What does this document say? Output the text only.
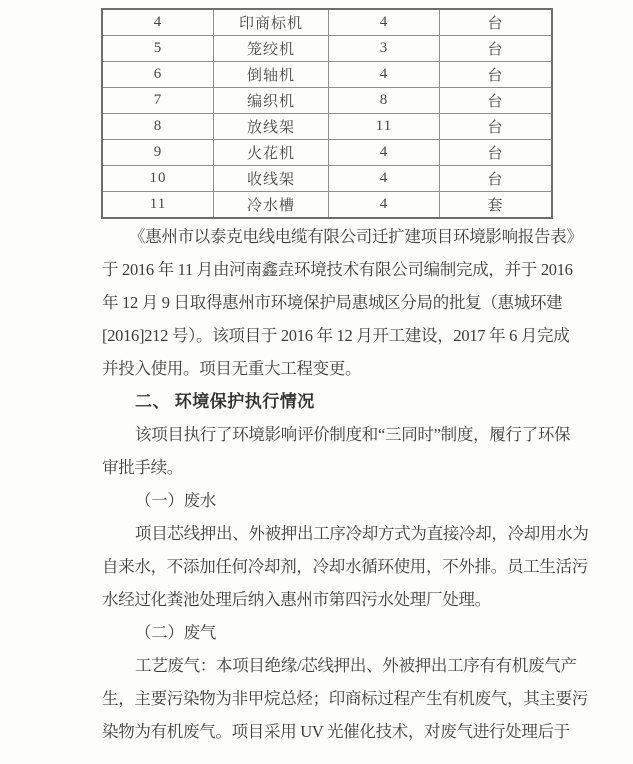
4	印商标机	4	台
5	笼绞机	3	台
6	倒轴机	4	台
7	编织机	8	台
8	放线架	11	台
9	火花机	4	台
10	收线架	4	台
11	冷水槽	4	套
《惠州市以泰克电线电缆有限公司迁扩建项目环境影响报告表》
于 2016 年 11 月由河南鑫垚环境技术有限公司编制完成，并于 2016
年 12 月 9 日取得惠州市环境保护局惠城区分局的批复（惠城环建
[2016]212 号）。该项目于 2016 年 12 月开工建设，2017 年 6 月完成
并投入使用。项目无重大工程变更。
二、 环境保护执行情况
该项目执行了环境影响评价制度和“三同时”制度，履行了环保
审批手续。
（一）废水
项目芯线押出、外被押出工序冷却方式为直接冷却，冷却用水为
自来水，不添加任何冷却剂，冷却水循环使用，不外排。员工生活污
水经过化粪池处理后纳入惠州市第四污水处理厂处理。
（二）废气
工艺废气：本项目绝缘/芯线押出、外被押出工序有有机废气产
生，主要污染物为非甲烷总烃；印商标过程产生有机废气，其主要污
染物为有机废气。项目采用 UV 光催化技术，对废气进行处理后于
